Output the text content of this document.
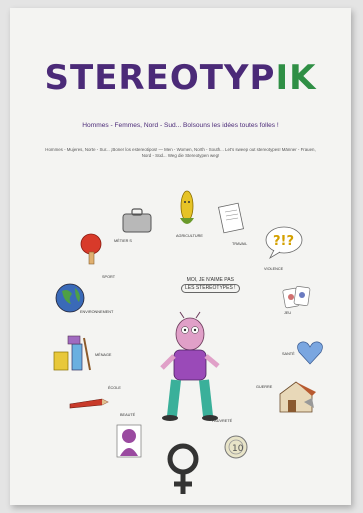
STEREOTYPIK
Hommes - Femmes, Nord - Sud... Bolsouns les idées toutes folles !
Hommes - Mujeres, Norte - Sur... ¡Boner los estereotipos! — Men - Women, North - South... Let's sweep out stereotypes! Männer - Frauen, Nord - Süd... Weg die Stereotypen weg!
?!?
10
MOI, JE N'AIME PAS
LES STÉRÉOTYPES !
MÉTIER S
AGRICULTURE
TRAVAIL
VIOLENCE
SPORT
JEU
ENVIRONNEMENT
MÉNAGE	SANTÉ
ÉCOLE	GUERRE
BEAUTÉ
PAUVRETÉ
